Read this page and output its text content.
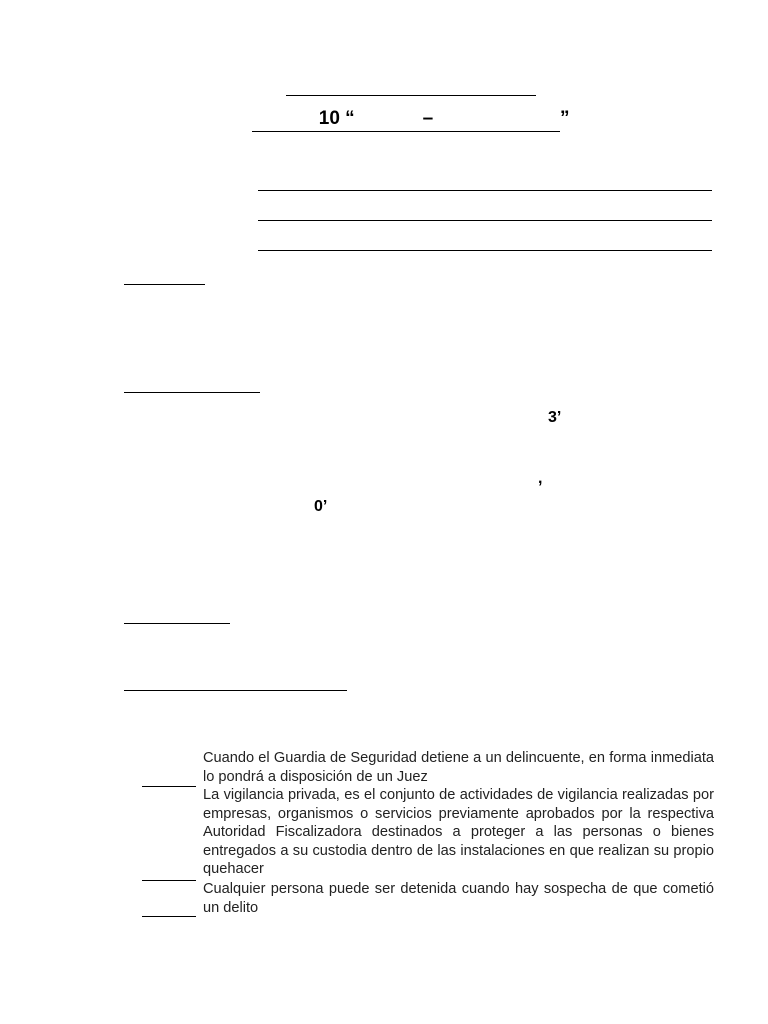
10 “	–	”
3’
,
0’
Cuando el Guardia de Seguridad detiene a un delincuente, en forma inmediata lo pondrá a disposición de un Juez
La vigilancia privada, es el conjunto de actividades de vigilancia realizadas por empresas, organismos o servicios previamente aprobados por la respectiva Autoridad Fiscalizadora destinados a proteger a las personas o bienes entregados a su custodia dentro de las instalaciones en que realizan su propio quehacer
Cualquier persona puede ser detenida cuando hay sospecha de que cometió un delito
